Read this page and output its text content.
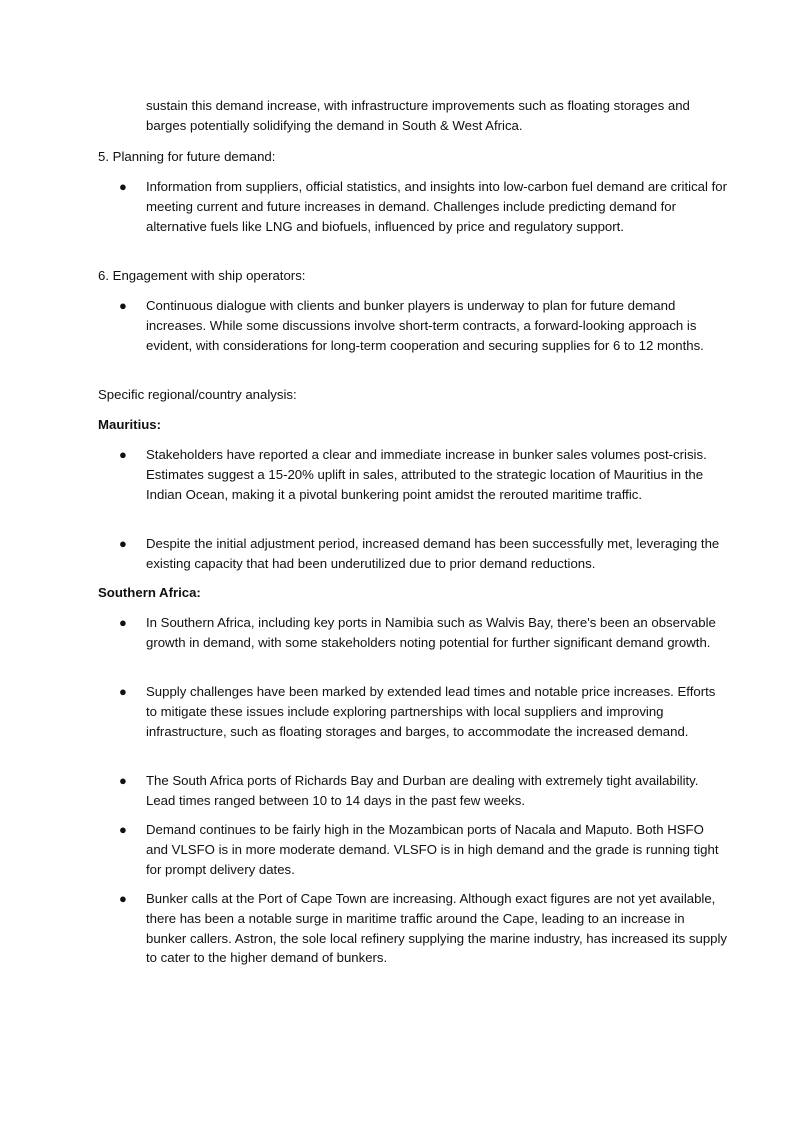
sustain this demand increase, with infrastructure improvements such as floating storages and barges potentially solidifying the demand in South & West Africa.

5. Planning for future demand:

● Information from suppliers, official statistics, and insights into low-carbon fuel demand are critical for meeting current and future increases in demand. Challenges include predicting demand for alternative fuels like LNG and biofuels, influenced by price and regulatory support.

6. Engagement with ship operators:

● Continuous dialogue with clients and bunker players is underway to plan for future demand increases. While some discussions involve short-term contracts, a forward-looking approach is evident, with considerations for long-term cooperation and securing supplies for 6 to 12 months.

Specific regional/country analysis:

Mauritius:

● Stakeholders have reported a clear and immediate increase in bunker sales volumes post-crisis. Estimates suggest a 15-20% uplift in sales, attributed to the strategic location of Mauritius in the Indian Ocean, making it a pivotal bunkering point amidst the rerouted maritime traffic.
● Despite the initial adjustment period, increased demand has been successfully met, leveraging the existing capacity that had been underutilized due to prior demand reductions.

Southern Africa:

● In Southern Africa, including key ports in Namibia such as Walvis Bay, there's been an observable growth in demand, with some stakeholders noting potential for further significant demand growth.
● Supply challenges have been marked by extended lead times and notable price increases. Efforts to mitigate these issues include exploring partnerships with local suppliers and improving infrastructure, such as floating storages and barges, to accommodate the increased demand.
● The South Africa ports of Richards Bay and Durban are dealing with extremely tight availability. Lead times ranged between 10 to 14 days in the past few weeks.
● Demand continues to be fairly high in the Mozambican ports of Nacala and Maputo. Both HSFO and VLSFO is in more moderate demand. VLSFO is in high demand and the grade is running tight for prompt delivery dates.
● Bunker calls at the Port of Cape Town are increasing. Although exact figures are not yet available, there has been a notable surge in maritime traffic around the Cape, leading to an increase in bunker callers. Astron, the sole local refinery supplying the marine industry, has increased its supply to cater to the higher demand of bunkers.
